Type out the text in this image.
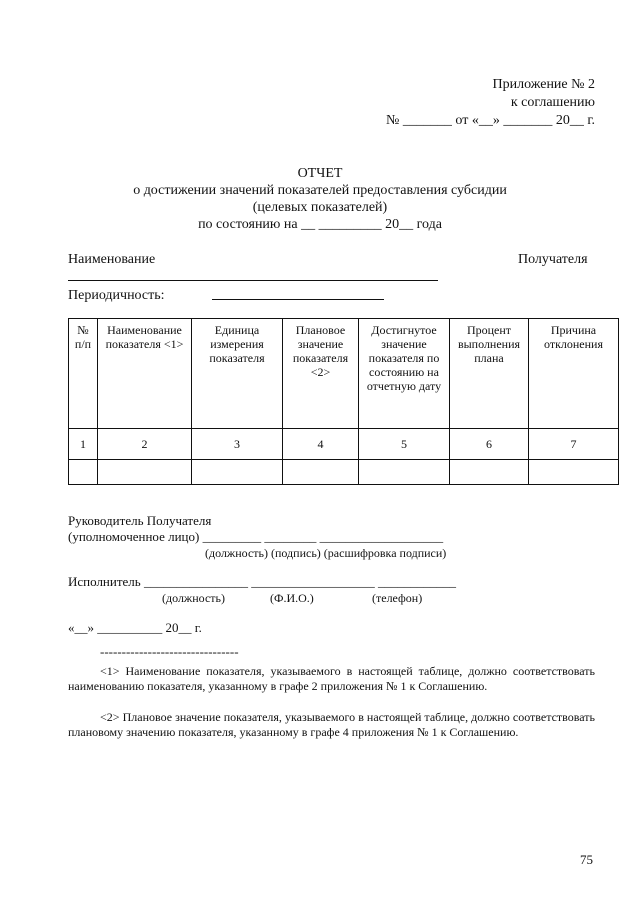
Приложение № 2
к соглашению
№ _______ от «__» _______ 20__ г.
ОТЧЕТ
о достижении значений показателей предоставления субсидии
(целевых показателей)
по состоянию на __ _________ 20__ года
Наименование	Получателя
Периодичность:
№ п/п	Наименование показателя <1>	Единица измерения показателя	Плановое значение показателя <2>	Достигнутое значение показателя по состоянию на отчетную дату	Процент выполнения плана	Причина отклонения
1	2	3	4	5	6	7

Руководитель Получателя
(уполномоченное лицо) _________ ________ ___________________
(должность) (подпись) (расшифровка подписи)
Исполнитель ________________ ___________________ ____________
(должность)	(Ф.И.О.)	(телефон)
«__» __________ 20__ г.
--------------------------------
<1> Наименование показателя, указываемого в настоящей таблице, должно соответствовать наименованию показателя, указанному в графе 2 приложения № 1 к Соглашению.
<2> Плановое значение показателя, указываемого в настоящей таблице, должно соответствовать плановому значению показателя, указанному в графе 4 приложения № 1 к Соглашению.
75
